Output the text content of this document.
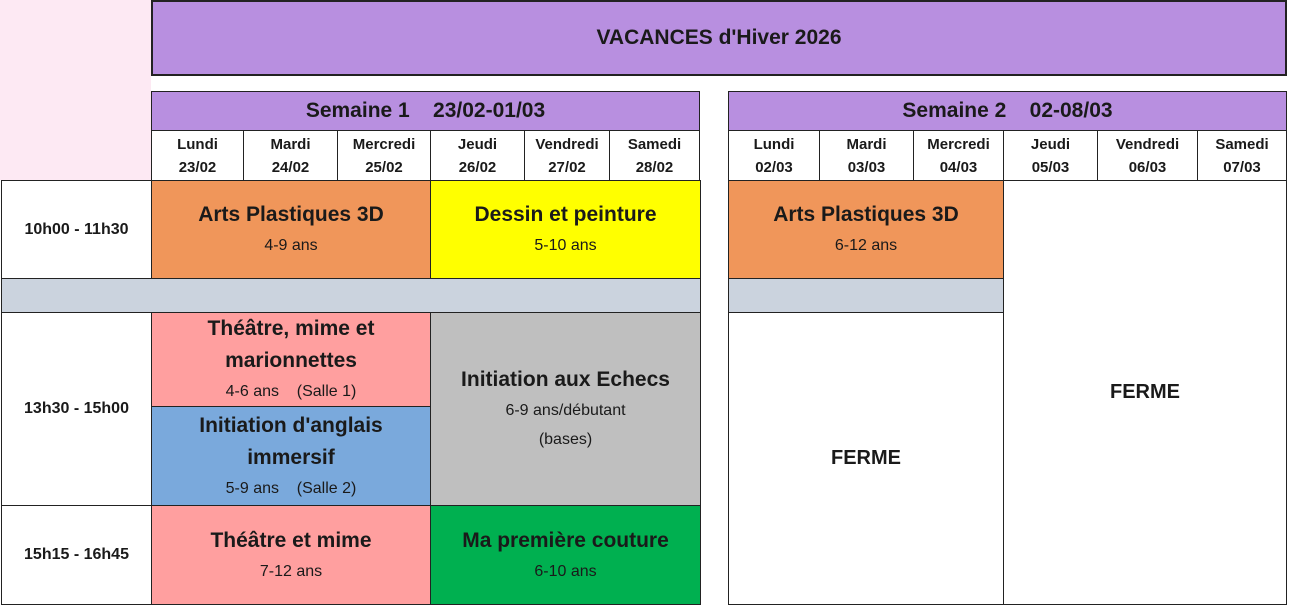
VACANCES d'Hiver 2026
Semaine 1    23/02-01/03	Semaine 2    02-08/03
Lundi
23/02
Mardi
24/02
Mercredi
25/02
Jeudi
26/02
Vendredi
27/02
Samedi
28/02
Lundi
02/03
Mardi
03/03
Mercredi
04/03
Jeudi
05/03
Vendredi
06/03
Samedi
07/03
10h00 - 11h30
13h30 - 15h00
15h15 - 16h45
Arts Plastiques 3D
4-9 ans
Dessin et peinture
5-10 ans
Théâtre, mime et
marionnettes
4-6 ans    (Salle 1)
Initiation d'anglais
immersif
5-9 ans    (Salle 2)
Initiation aux Echecs
6-9 ans/débutant
(bases)
Théâtre et mime
7-12 ans
Ma première couture
6-10 ans
Arts Plastiques 3D
6-12 ans
FERME
FERME
